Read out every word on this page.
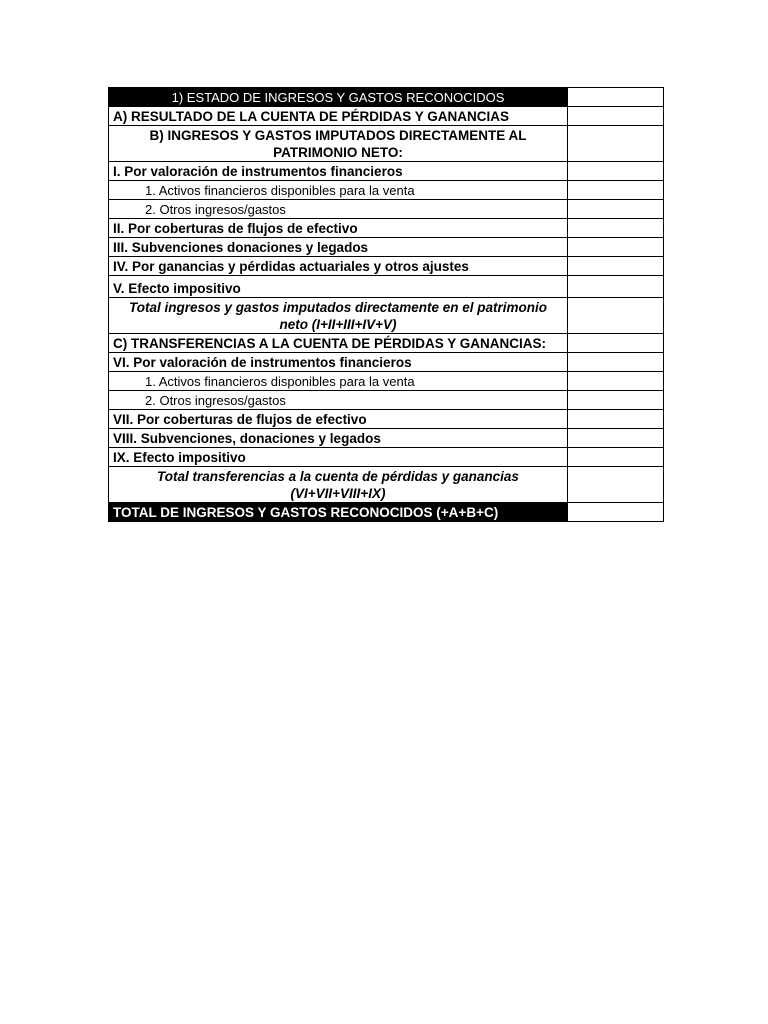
1) ESTADO DE INGRESOS Y GASTOS RECONOCIDOS	
A) RESULTADO DE LA CUENTA DE PÉRDIDAS Y GANANCIAS	
B) INGRESOS Y GASTOS IMPUTADOS DIRECTAMENTE AL PATRIMONIO NETO:	
I. Por valoración de instrumentos financieros	
1. Activos financieros disponibles para la venta	
2. Otros ingresos/gastos	
II. Por coberturas de flujos de efectivo	
III. Subvenciones donaciones y legados	
IV. Por ganancias y pérdidas actuariales y otros ajustes	
V. Efecto impositivo	
Total ingresos y gastos imputados directamente en el patrimonio neto (I+II+III+IV+V)	
C) TRANSFERENCIAS A LA CUENTA DE PÉRDIDAS Y GANANCIAS:	
VI. Por valoración de instrumentos financieros	
1. Activos financieros disponibles para la venta	
2. Otros ingresos/gastos	
VII. Por coberturas de flujos de efectivo	
VIII. Subvenciones, donaciones y legados	
IX. Efecto impositivo	
Total transferencias a la cuenta de pérdidas y ganancias (VI+VII+VIII+IX)	
TOTAL DE INGRESOS Y GASTOS RECONOCIDOS (+A+B+C)	
